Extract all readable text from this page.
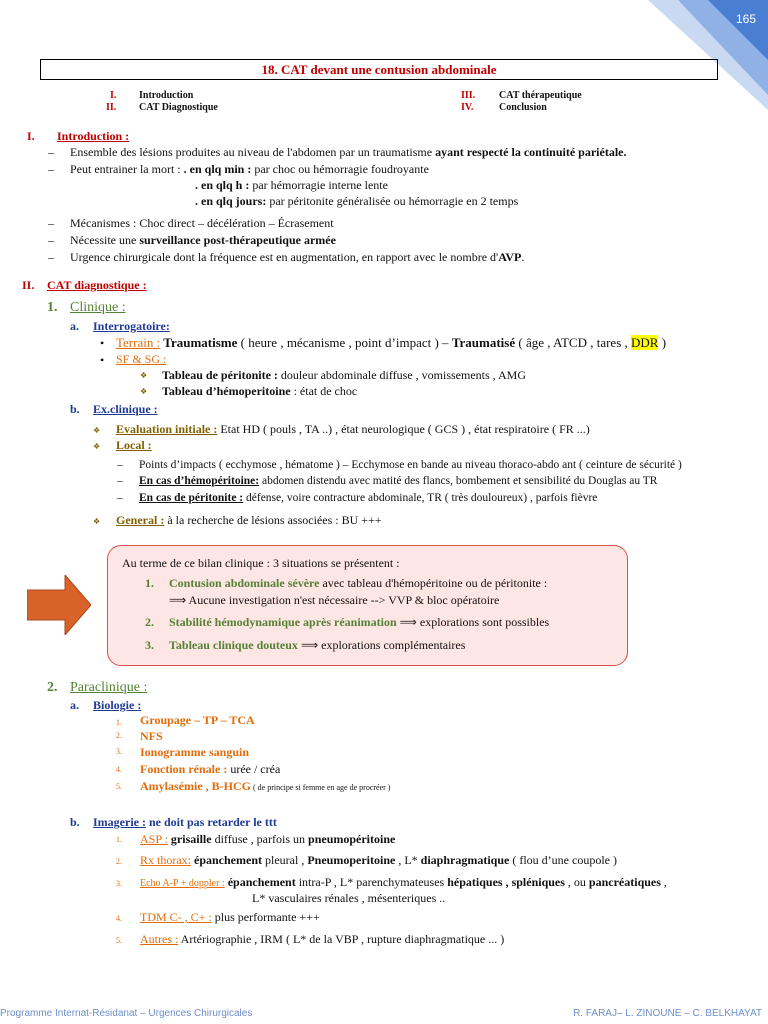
165
18. CAT devant une contusion abdominale
I. Introduction
II. CAT Diagnostique
III. CAT thérapeutique
IV.	Conclusion
I. Introduction :
– Ensemble des lésions produites au niveau de l'abdomen par un traumatisme ayant respecté la continuité pariétale.
– Peut entrainer la mort : . en qlq min : par choc ou hémorragie foudroyante
. en qlq h : par hémorragie interne lente
. en qlq jours: par péritonite généralisée ou hémorragie en 2 temps
– Mécanismes : Choc direct – décélération – Écrasement
– Nécessite une surveillance post-thérapeutique armée
– Urgence chirurgicale dont la fréquence est en augmentation, en rapport avec le nombre d'AVP.
II. CAT diagnostique :
1. Clinique :
a. Interrogatoire:
• Terrain : Traumatisme ( heure , mécanisme , point d’impact ) – Traumatisé ( âge , ATCD , tares , DDR )
• SF & SG :
❖ Tableau de péritonite : douleur abdominale diffuse , vomissements , AMG
❖ Tableau d’hémoperitoine : état de choc
b. Ex.clinique :
❖ Evaluation initiale : Etat HD ( pouls , TA ..) , état neurologique ( GCS ) , état respiratoire ( FR ...)
❖ Local :
– Points d’impacts ( ecchymose , hématome ) – Ecchymose en bande au niveau thoraco-abdo ant ( ceinture de sécurité )
– En cas d’hémopéritoine: abdomen distendu avec matité des flancs, bombement et sensibilité du Douglas au TR
– En cas de péritonite : défense, voire contracture abdominale, TR ( très douloureux) , parfois fièvre
❖ General : à la recherche de lésions associées : BU +++
Au terme de ce bilan clinique : 3 situations se présentent :
1. Contusion abdominale sévère avec tableau d'hémopéritoine ou de péritonite :
⟹ Aucune investigation n'est nécessaire --> VVP & bloc opératoire
2. Stabilité hémodynamique après réanimation ⟹ explorations sont possibles
3. Tableau clinique douteux ⟹ explorations complémentaires
2. Paraclinique :
a. Biologie :
1. Groupage – TP – TCA
2. NFS
3. Ionogramme sanguin
4. Fonction rénale : urée / créa
5. Amylasémie , B-HCG ( de principe si femme en age de procréer )
b. Imagerie : ne doit pas retarder le ttt
1. ASP : grisaille diffuse , parfois un pneumopéritoine
2. Rx thorax: épanchement pleural , Pneumoperitoine , L* diaphragmatique ( flou d’une coupole )
3. Echo A-P + doppler : épanchement intra-P , L* parenchymateuses hépatiques , spléniques , ou pancréatiques ,
L* vasculaires rénales , mésenteriques ..
4. TDM C- , C+ : plus performante +++
5. Autres : Artériographie , IRM ( L* de la VBP , rupture diaphragmatique ... )
Programme Internat-Résidanat – Urgences Chirurgicales	R. FARAJ– L. ZINOUNE – C. BELKHAYAT
